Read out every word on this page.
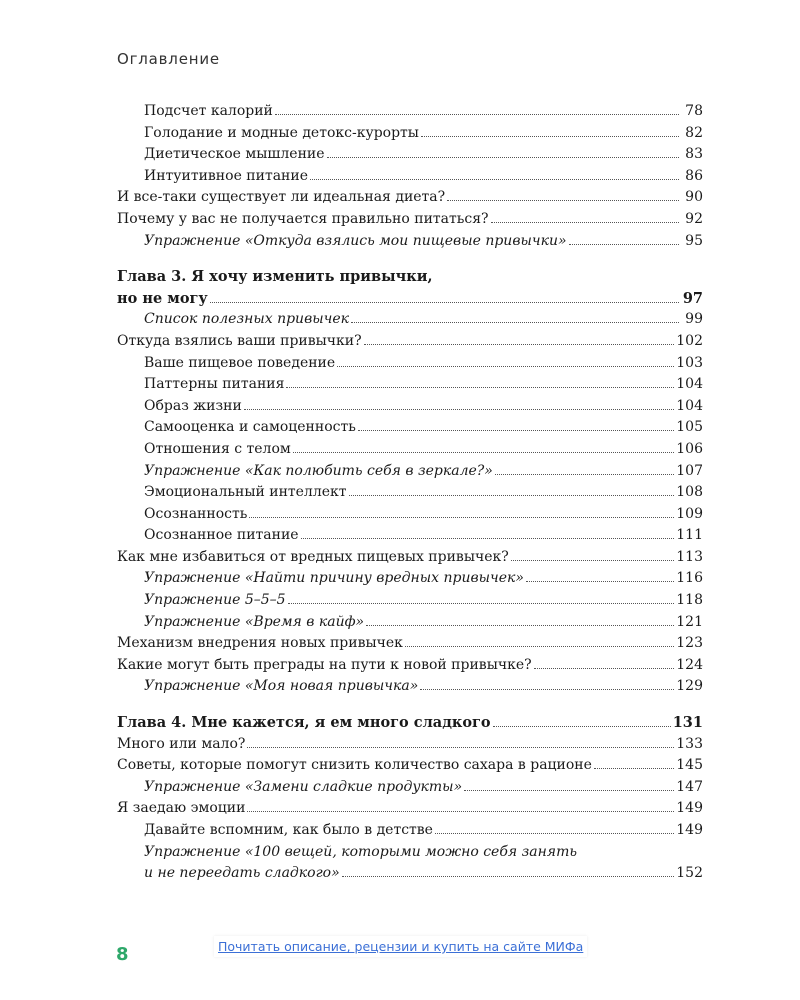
Оглавление
Подсчет калорий	78
Голодание и модные детокс-курорты	82
Диетическое мышление	83
Интуитивное питание	86
И все-таки существует ли идеальная диета?	90
Почему у вас не получается правильно питаться?	92
Упражнение «Откуда взялись мои пищевые привычки»	95
Глава 3. Я хочу изменить привычки,
но не могу	97
Список полезных привычек	99
Откуда взялись ваши привычки?	102
Ваше пищевое поведение	103
Паттерны питания	104
Образ жизни	104
Самооценка и самоценность	105
Отношения с телом	106
Упражнение «Как полюбить себя в зеркале?»	107
Эмоциональный интеллект	108
Осознанность	109
Осознанное питание	111
Как мне избавиться от вредных пищевых привычек?	113
Упражнение «Найти причину вредных привычек»	116
Упражнение 5–5–5	118
Упражнение «Время в кайф»	121
Механизм внедрения новых привычек	123
Какие могут быть преграды на пути к новой привычке?	124
Упражнение «Моя новая привычка»	129
Глава 4. Мне кажется, я ем много сладкого	131
Много или мало?	133
Советы, которые помогут снизить количество сахара в рационе	145
Упражнение «Замени сладкие продукты»	147
Я заедаю эмоции	149
Давайте вспомним, как было в детстве	149
Упражнение «100 вещей, которыми можно себя занять
и не переедать сладкого»	152
8	Почитать описание, рецензии и купить на сайте МИФа
